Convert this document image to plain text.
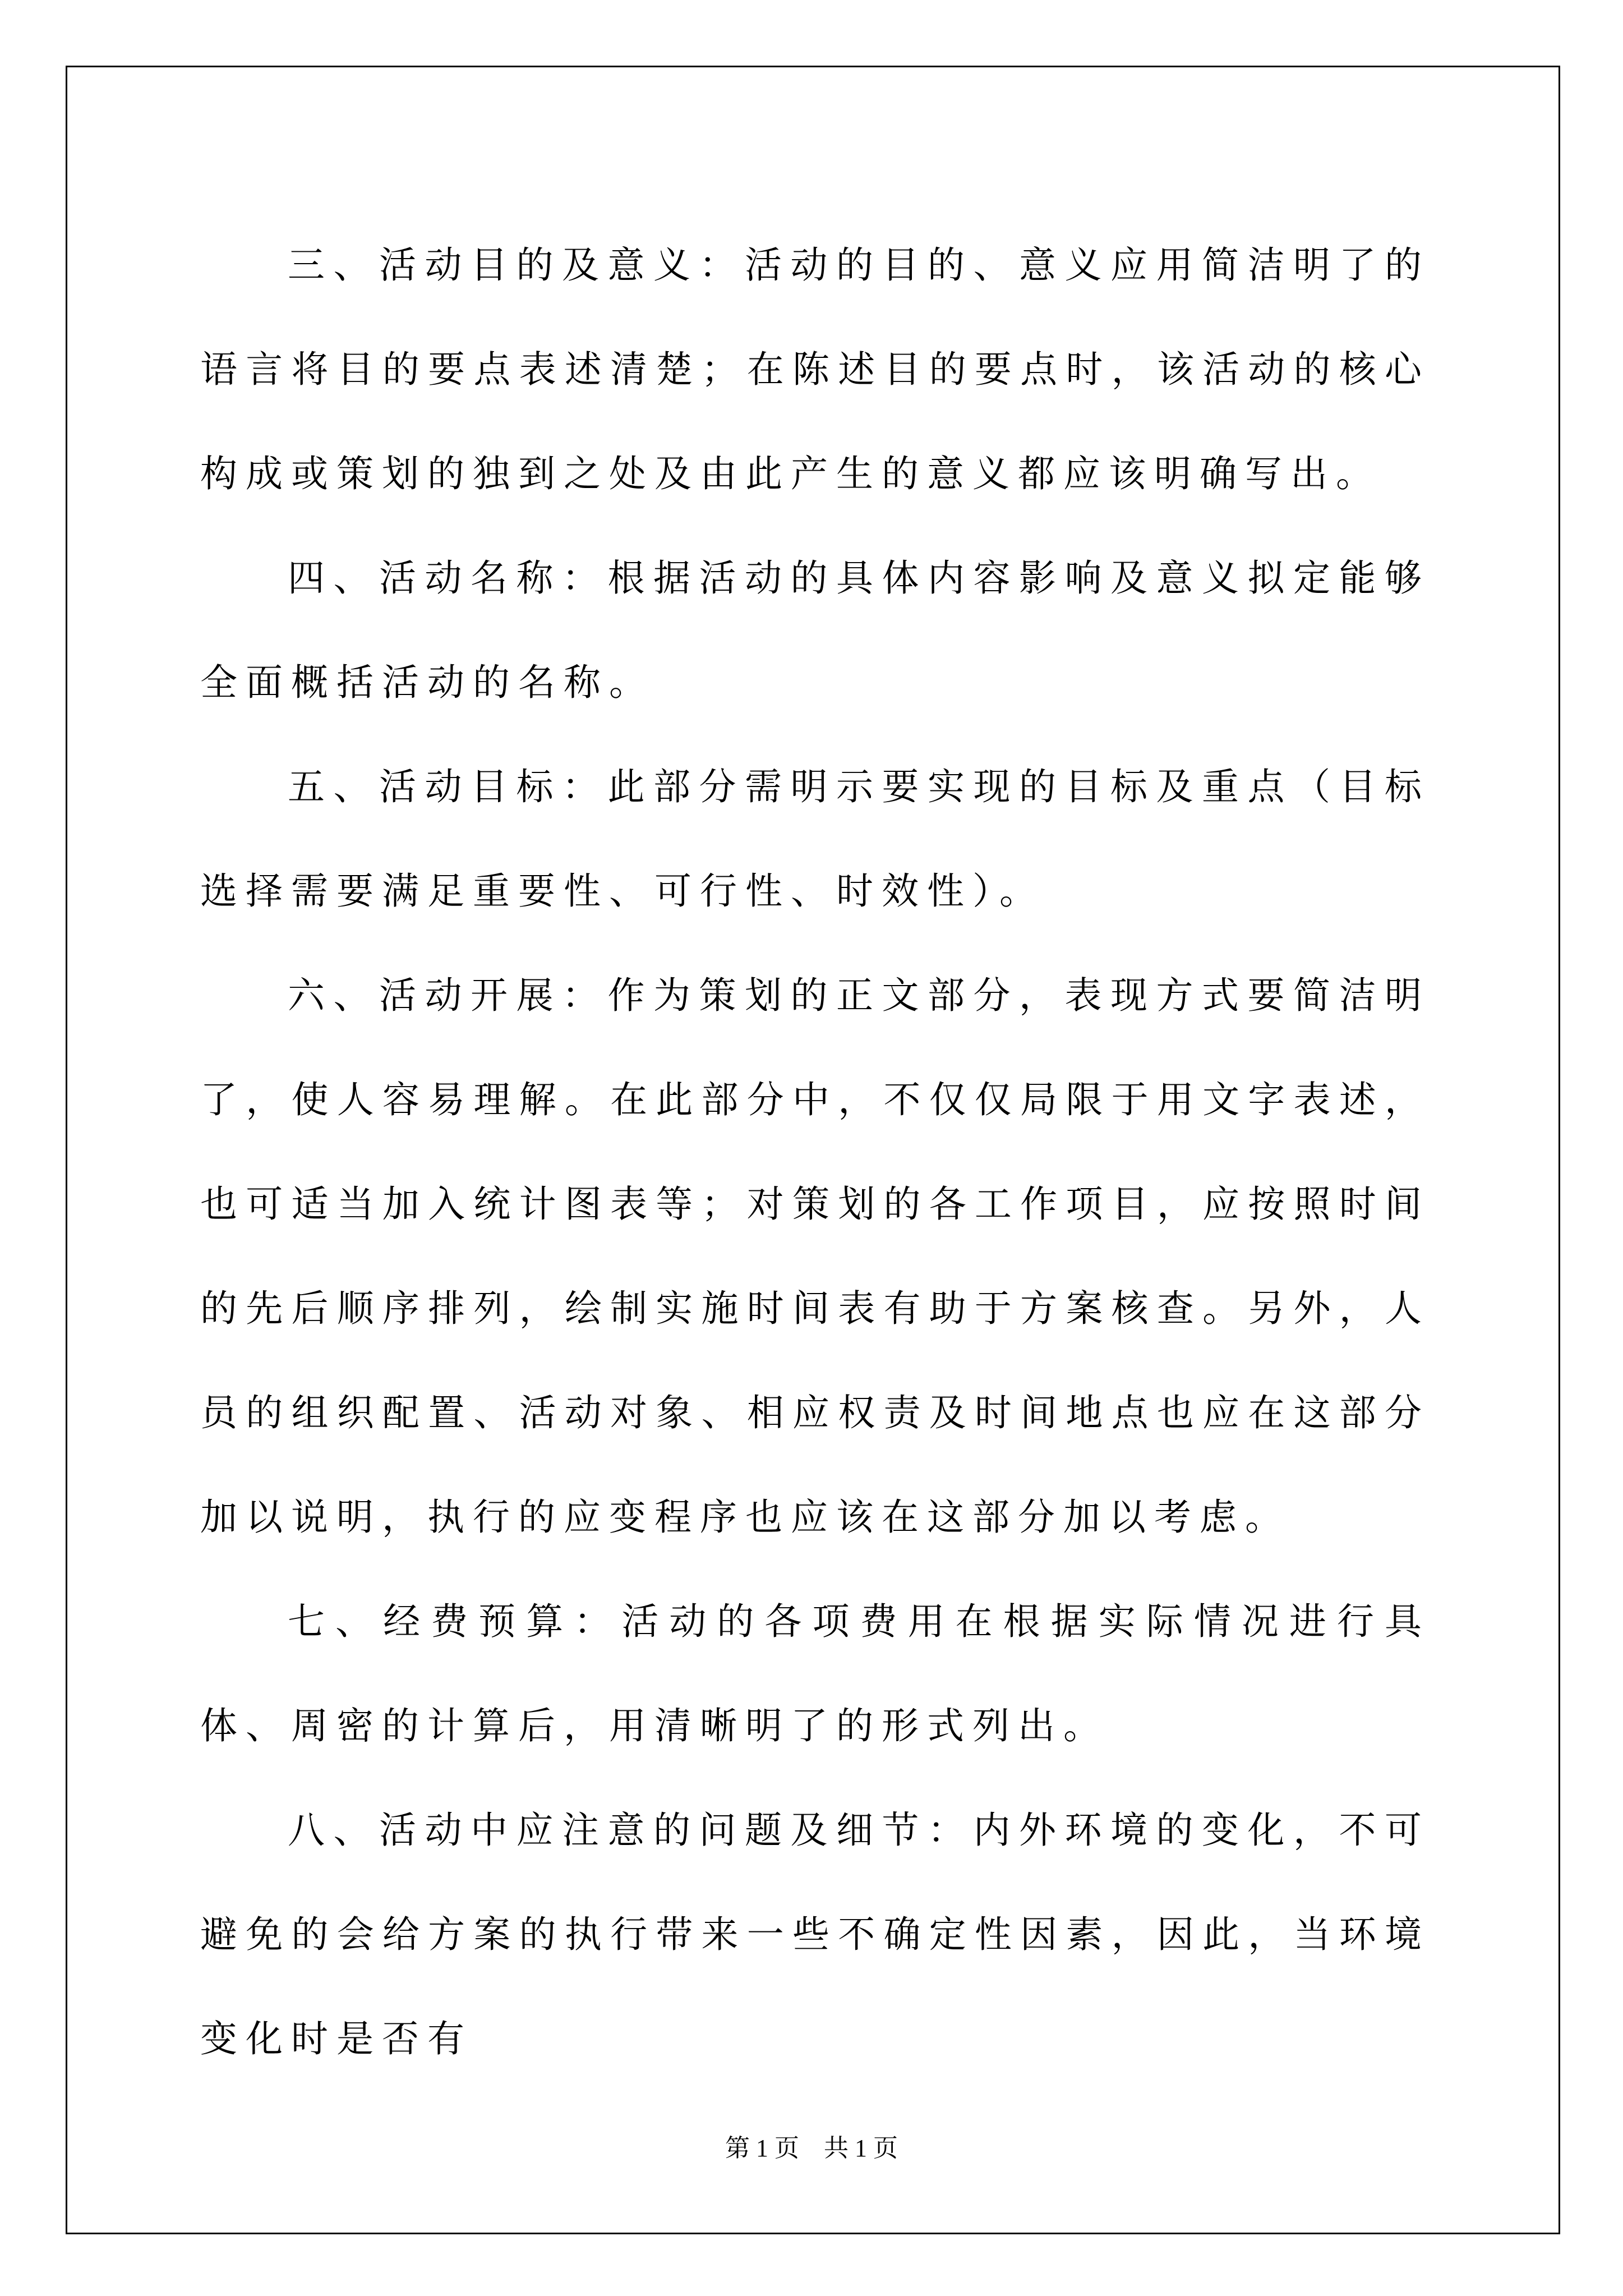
三、活动目的及意义：活动的目的、意义应用简洁明了的语言将目的要点表述清楚；在陈述目的要点时，该活动的核心构成或策划的独到之处及由此产生的意义都应该明确写出。

四、活动名称：根据活动的具体内容影响及意义拟定能够全面概括活动的名称。

五、活动目标：此部分需明示要实现的目标及重点（目标选择需要满足重要性、可行性、时效性）。

六、活动开展：作为策划的正文部分，表现方式要简洁明了，使人容易理解。在此部分中，不仅仅局限于用文字表述，也可适当加入统计图表等；对策划的各工作项目，应按照时间的先后顺序排列，绘制实施时间表有助于方案核查。另外，人员的组织配置、活动对象、相应权责及时间地点也应在这部分加以说明，执行的应变程序也应该在这部分加以考虑。

七、经费预算：活动的各项费用在根据实际情况进行具体、周密的计算后，用清晰明了的形式列出。

八、活动中应注意的问题及细节：内外环境的变化，不可避免的会给方案的执行带来一些不确定性因素，因此，当环境变化时是否有

第 1 页　共 1 页
